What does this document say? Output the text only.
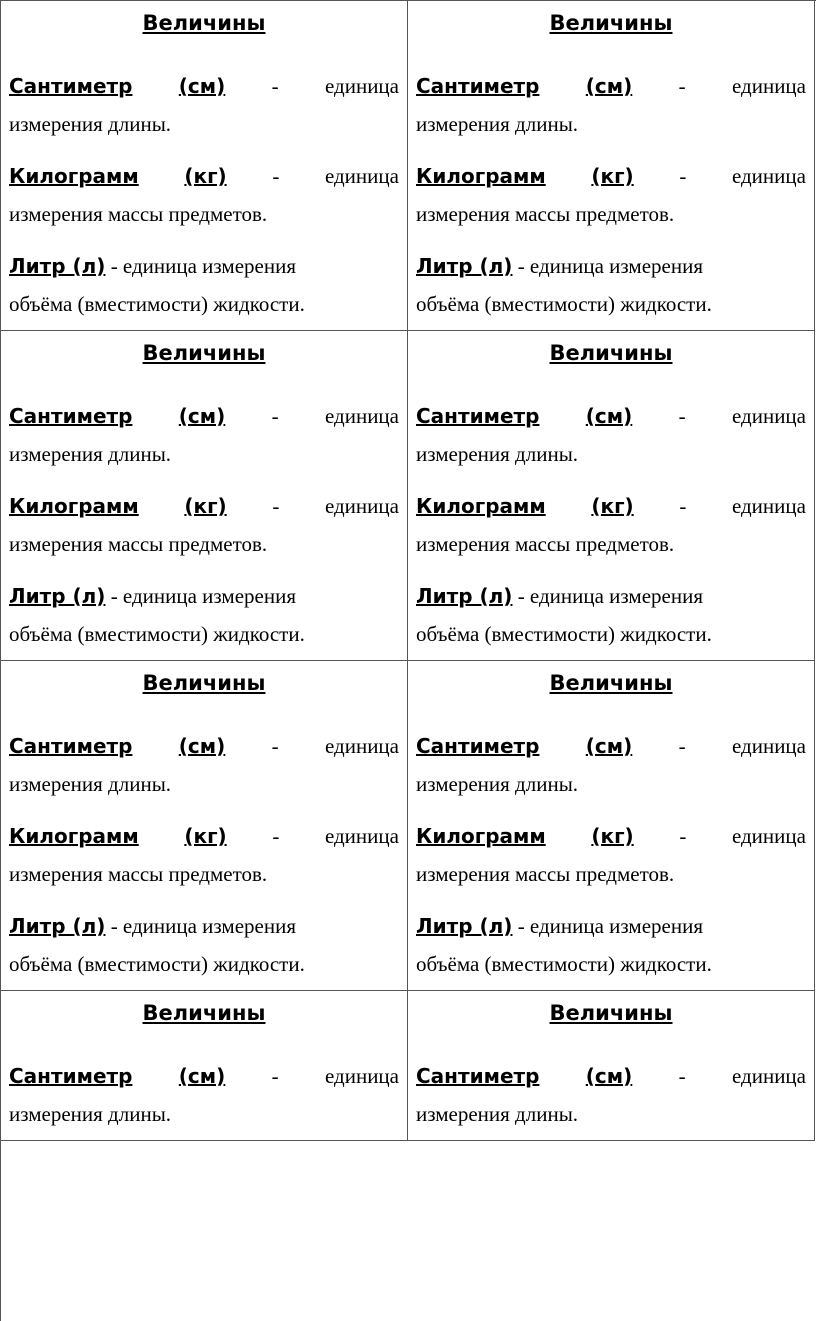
Величины
Сантиметр (см) - единица
измерения длины.
Килограмм (кг) - единица
измерения массы предметов.
Литр (л) - единица измерения
объёма (вместимости) жидкости.
Величины
Сантиметр (см) - единица
измерения длины.
Килограмм (кг) - единица
измерения массы предметов.
Литр (л) - единица измерения
объёма (вместимости) жидкости.
Величины
Сантиметр (см) - единица
измерения длины.
Килограмм (кг) - единица
измерения массы предметов.
Литр (л) - единица измерения
объёма (вместимости) жидкости.
Величины
Сантиметр (см) - единица
измерения длины.
Килограмм (кг) - единица
измерения массы предметов.
Литр (л) - единица измерения
объёма (вместимости) жидкости.
Величины
Сантиметр (см) - единица
измерения длины.
Килограмм (кг) - единица
измерения массы предметов.
Литр (л) - единица измерения
объёма (вместимости) жидкости.
Величины
Сантиметр (см) - единица
измерения длины.
Килограмм (кг) - единица
измерения массы предметов.
Литр (л) - единица измерения
объёма (вместимости) жидкости.
Величины
Сантиметр (см) - единица
измерения длины.
Величины
Сантиметр (см) - единица
измерения длины.
